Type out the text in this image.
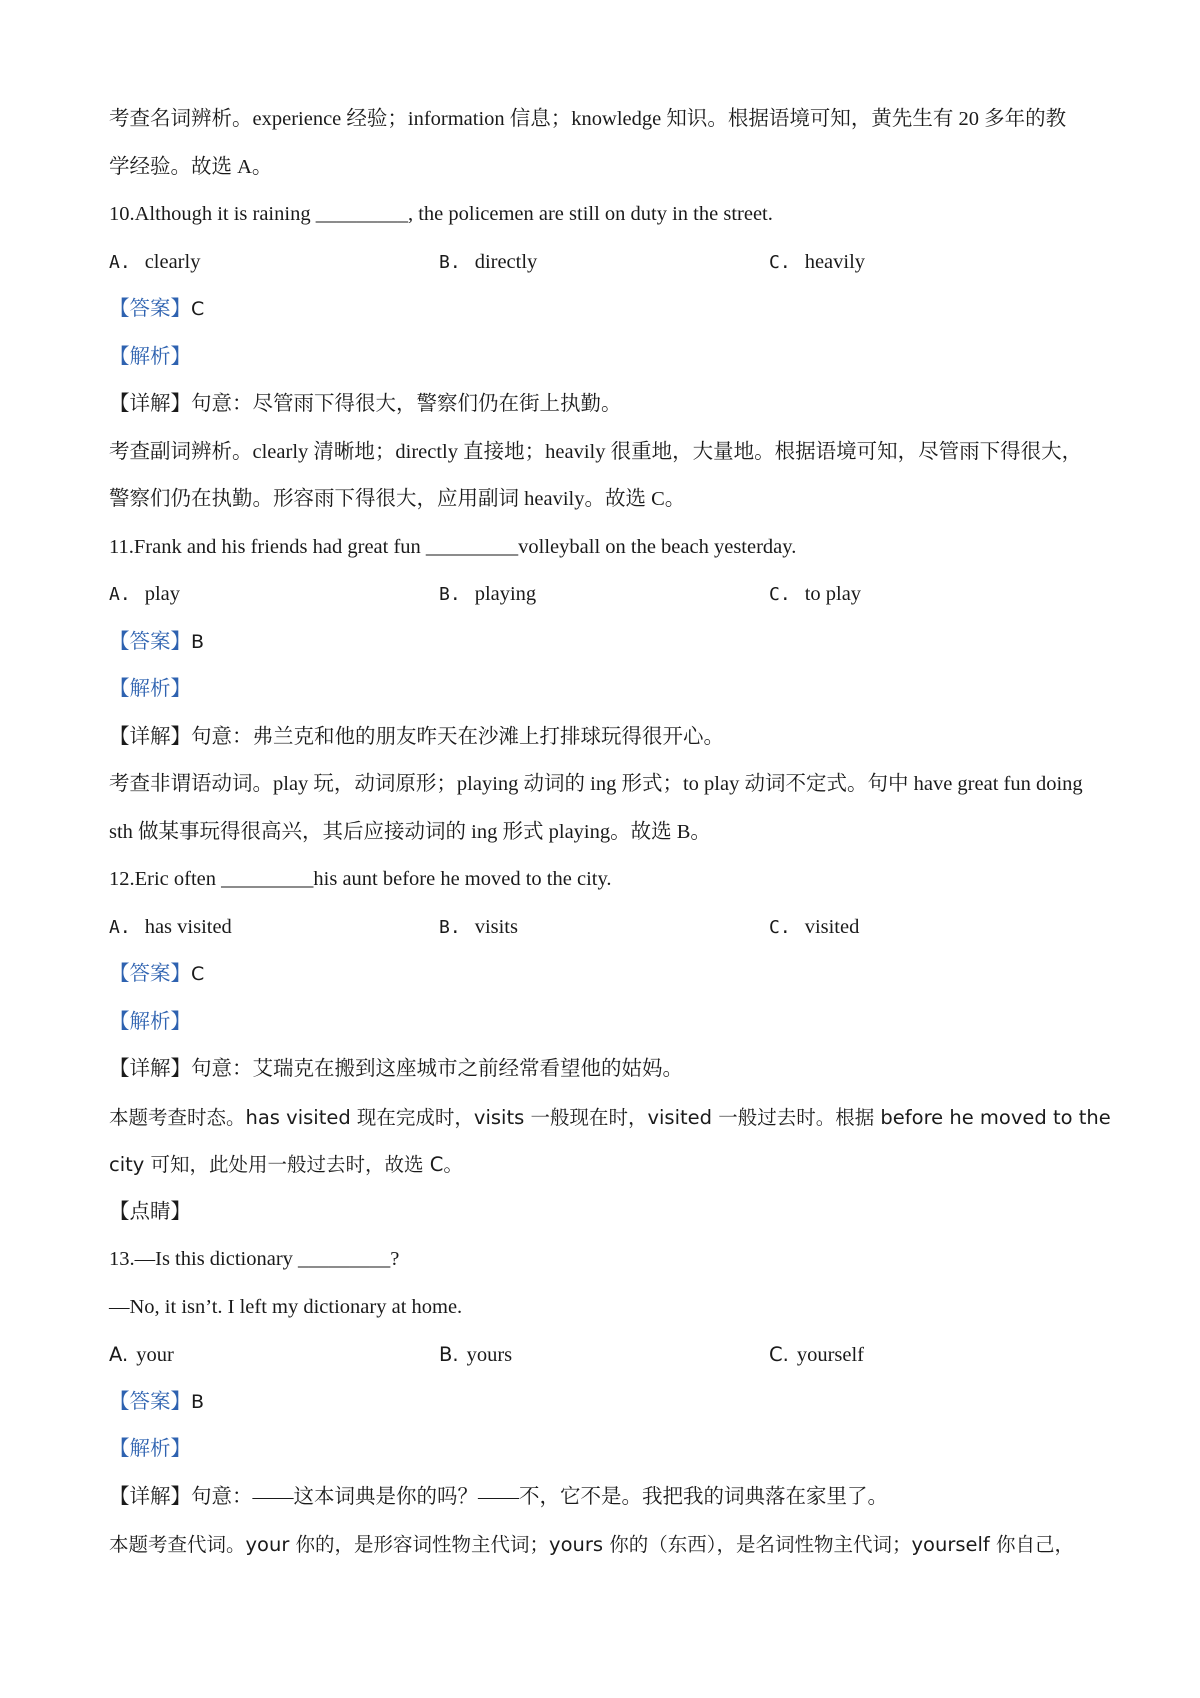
考查名词辨析。experience 经验；information 信息；knowledge 知识。根据语境可知，黄先生有 20 多年的教
学经验。故选 A。
10.Although it is raining _________, the policemen are still on duty in the street.
A. clearly	B. directly	C. heavily
【答案】C
【解析】
【详解】句意：尽管雨下得很大，警察们仍在街上执勤。
考查副词辨析。clearly 清晰地；directly 直接地；heavily 很重地，大量地。根据语境可知，尽管雨下得很大，
警察们仍在执勤。形容雨下得很大，应用副词 heavily。故选 C。
11.Frank and his friends had great fun _________volleyball on the beach yesterday.
A. play	B. playing	C. to play
【答案】B
【解析】
【详解】句意：弗兰克和他的朋友昨天在沙滩上打排球玩得很开心。
考查非谓语动词。play 玩，动词原形；playing 动词的 ing 形式；to play 动词不定式。句中 have great fun doing
sth 做某事玩得很高兴，其后应接动词的 ing 形式 playing。故选 B。
12.Eric often _________his aunt before he moved to the city.
A. has visited	B. visits	C. visited
【答案】C
【解析】
【详解】句意：艾瑞克在搬到这座城市之前经常看望他的姑妈。
本题考查时态。has visited 现在完成时，visits 一般现在时，visited 一般过去时。根据 before he moved to the
city 可知，此处用一般过去时，故选 C。
【点睛】
13.—Is this dictionary _________?
—No, it isn’t. I left my dictionary at home.
A. your	B. yours	C. yourself
【答案】B
【解析】
【详解】句意：——这本词典是你的吗？——不，它不是。我把我的词典落在家里了。
本题考查代词。your 你的，是形容词性物主代词；yours 你的（东西），是名词性物主代词；yourself 你自己，
